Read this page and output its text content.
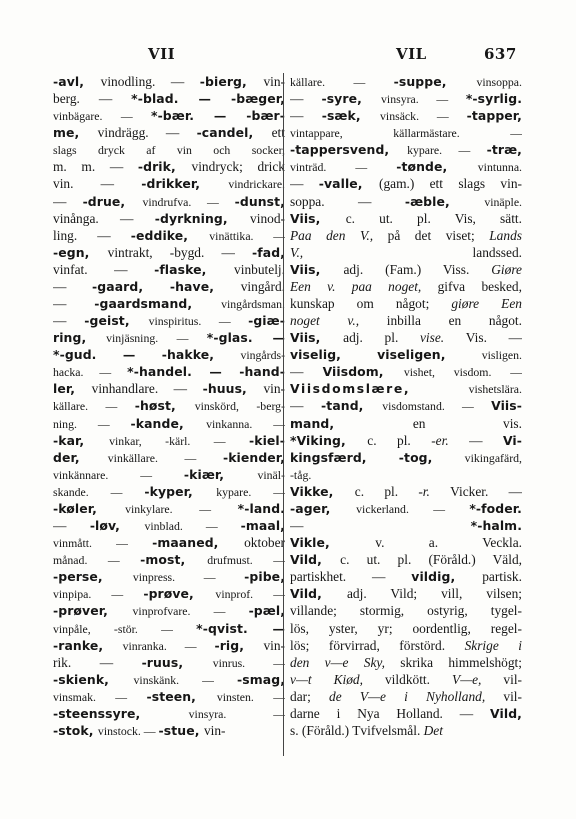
VII	VIL	637
-avl, vinodling. — -bierg, vin-
berg. — *-blad. — -bæger,
vinbägare. — *-bær. — -bær-
me, vindrägg. — -candel, ett
slags dryck af vin och socker,
m. m. — -drik, vindryck; drick
vin. — -drikker, vindrickare.
— -drue, vindrufva. — -dunst,
vinånga. — -dyrkning, vinod-
ling. — -eddike, vinättika. —
-egn, vintrakt, -bygd. — -fad,
vinfat. — -flaske, vinbutelj.
— -gaard, -have, vingård.
— -gaardsmand, vingårdsman.
— -geist, vinspiritus. — -giæ-
ring, vinjäsning. — *-glas. —
*-gud. — -hakke, vingårds-
hacka. — *-handel. — -hand-
ler, vinhandlare. — -huus, vin-
källare. — -høst, vinskörd, -berg-
ning. — -kande, vinkanna. —
-kar, vinkar, -kärl. — -kiel-
der, vinkällare. — -kiender,
vinkännare. — -kiær, vinäl-
skande. — -kyper, kypare. —
-køler, vinkylare. — *-land.
— -løv, vinblad. — -maal,
vinmått. — -maaned, oktober
månad. — -most, drufmust. —
-perse, vinpress. — -pibe,
vinpipa. — -prøve, vinprof. —
-prøver, vinprofvare. — -pæl,
vinpåle, -stör. — *-qvist. —
-ranke, vinranka. — -rig, vin-
rik. — -ruus, vinrus. —
-skienk, vinskänk. — -smag,
vinsmak. — -steen, vinsten. —
-steenssyre, vinsyra. —
-stok, vinstock. — -stue, vin-
källare. — -suppe, vinsoppa.
— -syre, vinsyra. — *-syrlig.
— -sæk, vinsäck. — -tapper,
vintappare, källarmästare. —
-tappersvend, kypare. — -træ,
vinträd. — -tønde, vintunna.
— -valle, (gam.) ett slags vin-
soppa. — -æble, vinäple.
Viis, c. ut. pl. Vis, sätt.
Paa den V., på det viset; Lands
V., landssed.
Viis, adj. (Fam.) Viss. Giøre
Een v. paa noget, gifva besked,
kunskap om något; giøre Een
noget v., inbilla en något.
Viis, adj. pl. vise. Vis. —
viselig, viseligen, visligen.
— Viisdom, vishet, visdom. —
Viisdomslære, vishetslära.
— -tand, visdomstand. — Viis-
mand, en vis.
*Viking, c. pl. -er. — Vi-
kingsfærd, -tog, vikingafärd,
-tåg.
Vikke, c. pl. -r. Vicker. —
-ager, vickerland. — *-foder.
— *-halm.
Vikle, v. a. Veckla.
Vild, c. ut. pl. (Föråld.) Väld,
partiskhet. — vildig, partisk.
Vild, adj. Vild; vill, vilsen;
villande; stormig, ostyrig, tygel-
lös, yster, yr; oordentlig, regel-
lös; förvirrad, förstörd. Skrige i
den v—e Sky, skrika himmelshögt;
v—t Kiød, vildkött. V—e, vil-
dar; de V—e i Nyholland, vil-
darne i Nya Holland. — Vild,
s. (Föråld.) Tvifvelsmål. Det
